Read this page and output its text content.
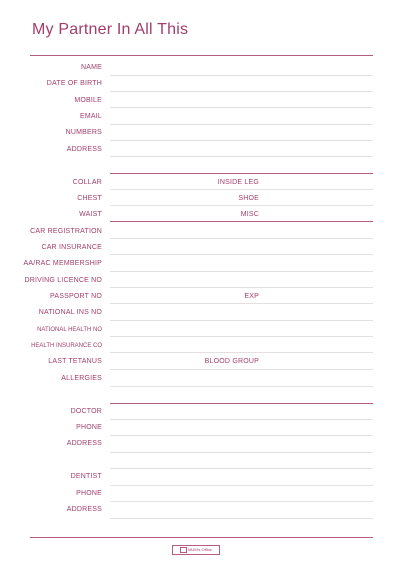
My Partner In All This
NAME
DATE OF BIRTH
MOBILE
EMAIL
NUMBERS
ADDRESS
COLLAR
CHEST
WAIST
INSIDE LEG
SHOE
MISC
CAR REGISTRATION
CAR INSURANCE
AA/RAC MEMBERSHIP
DRIVING LICENCE NO
PASSPORT NO	EXP
NATIONAL INS NO
NATIONAL HEALTH NO
HEALTH INSURANCE CO
LAST TETANUS	BLOOD GROUP
ALLERGIES
DOCTOR
PHONE
ADDRESS
DENTIST
PHONE
ADDRESS
MUM's Office
